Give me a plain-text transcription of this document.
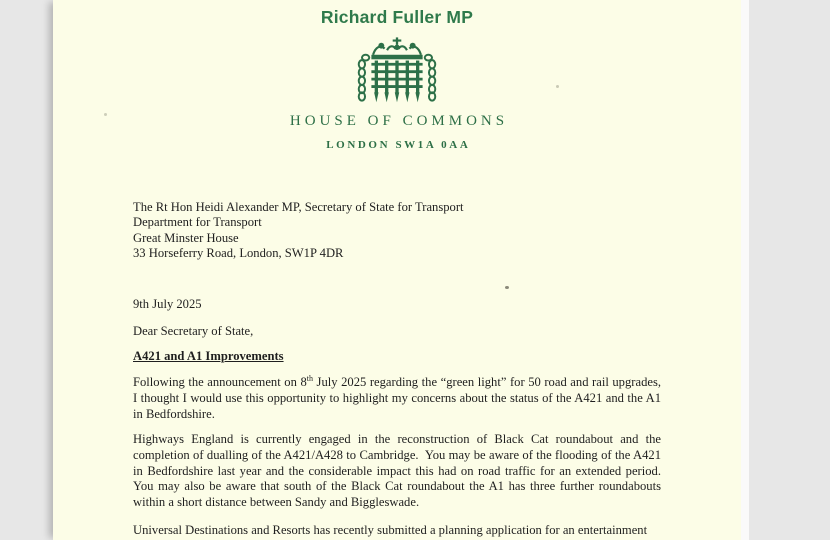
Richard Fuller MP
HOUSE OF COMMONS
LONDON SW1A 0AA
The Rt Hon Heidi Alexander MP, Secretary of State for Transport
Department for Transport
Great Minster House
33 Horseferry Road, London, SW1P 4DR
9th July 2025
Dear Secretary of State,
A421 and A1 Improvements
Following the announcement on 8th July 2025 regarding the “green light” for 50 road and rail upgrades, I thought I would use this opportunity to highlight my concerns about the status of the A421 and the A1 in Bedfordshire.
Highways England is currently engaged in the reconstruction of Black Cat roundabout and the completion of dualling of the A421/A428 to Cambridge.  You may be aware of the flooding of the A421 in Bedfordshire last year and the considerable impact this had on road traffic for an extended period. You may also be aware that south of the Black Cat roundabout the A1 has three further roundabouts within a short distance between Sandy and Biggleswade.
Universal Destinations and Resorts has recently submitted a planning application for an entertainment
